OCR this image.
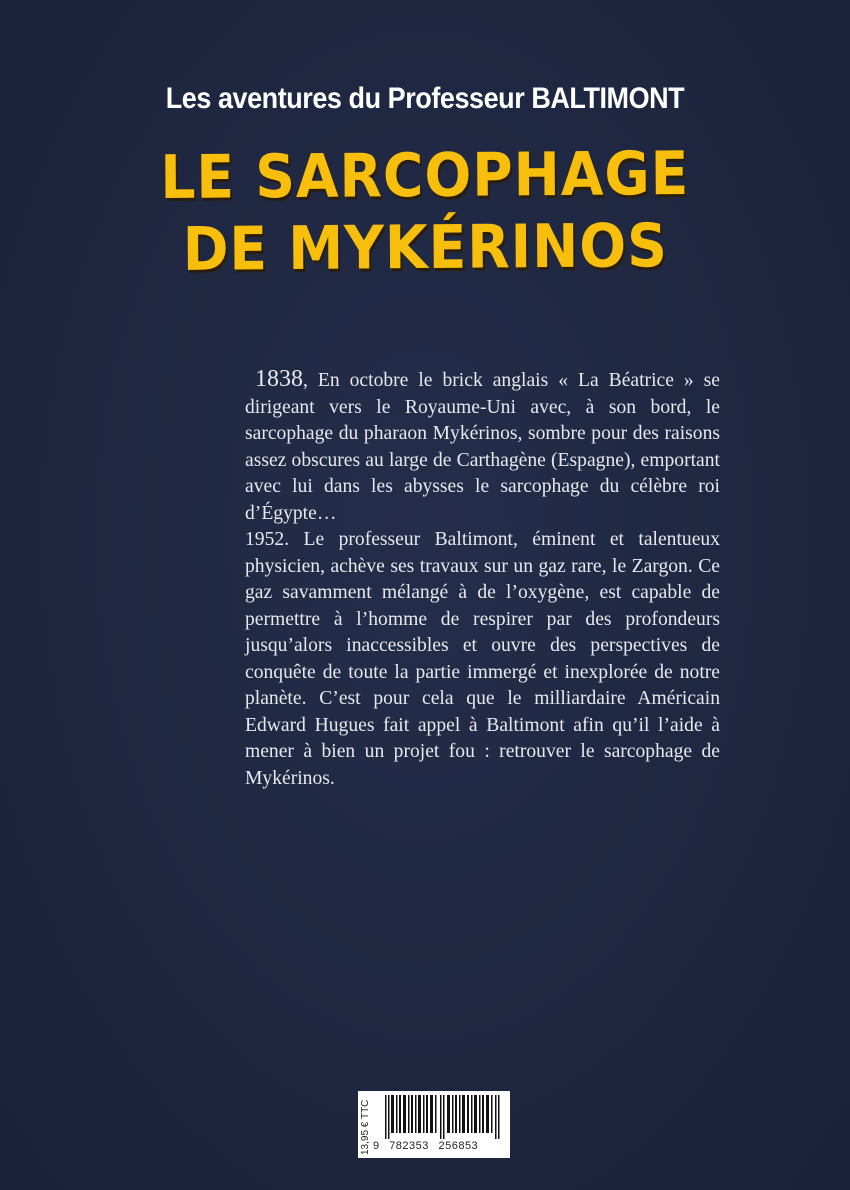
Les aventures du Professeur BALTIMONT
LE SARCOPHAGE
DE MYKÉRINOS

1838, En octobre le brick anglais « La Béatrice » se dirigeant vers le Royaume-Uni avec, à son bord, le sarcophage du pharaon Mykérinos, sombre pour des raisons assez obscures au large de Carthagène (Espagne), emportant avec lui dans les abysses le sarcophage du célèbre roi d’Égypte…

1952. Le professeur Baltimont, éminent et talentueux physicien, achève ses travaux sur un gaz rare, le Zargon. Ce gaz savamment mélangé à de l’oxygène, est capable de permettre à l’homme de respirer par des profondeurs jusqu’alors inaccessibles et ouvre des perspectives de conquête de toute la partie immergé et inexplorée de notre planète. C’est pour cela que le milliardaire Américain Edward Hugues fait appel à Baltimont afin qu’il l’aide à mener à bien un projet fou : retrouver le sarcophage de Mykérinos.

13,95 € TTC 9 782353 256853
